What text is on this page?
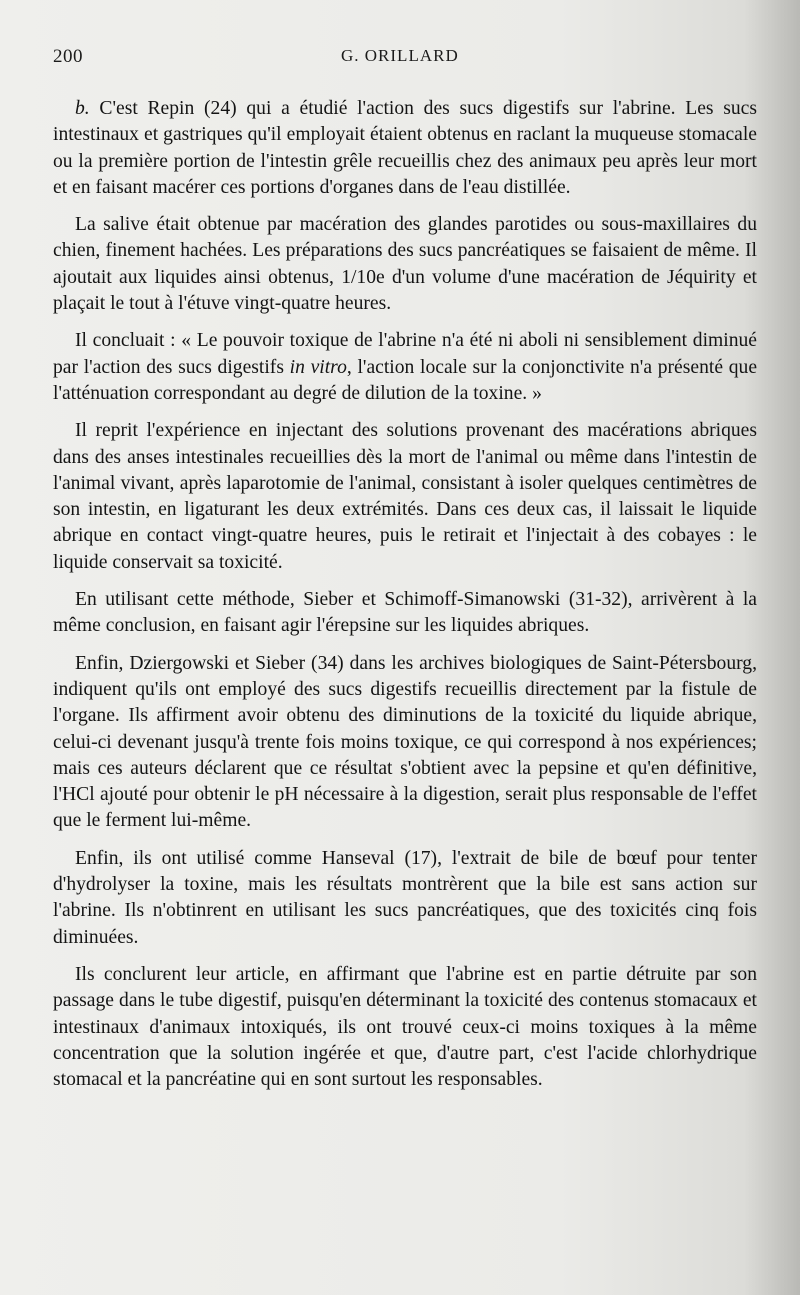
200	G. ORILLARD

b. C'est Repin (24) qui a étudié l'action des sucs digestifs sur l'abrine. Les sucs intestinaux et gastriques qu'il employait étaient obtenus en raclant la muqueuse stomacale ou la première portion de l'intestin grêle recueillis chez des animaux peu après leur mort et en faisant macérer ces portions d'organes dans de l'eau distillée.

La salive était obtenue par macération des glandes parotides ou sous-maxillaires du chien, finement hachées. Les préparations des sucs pancréatiques se faisaient de même. Il ajoutait aux liquides ainsi obtenus, 1/10e d'un volume d'une macération de Jéquirity et plaçait le tout à l'étuve vingt-quatre heures.

Il concluait : « Le pouvoir toxique de l'abrine n'a été ni aboli ni sensiblement diminué par l'action des sucs digestifs in vitro, l'action locale sur la conjonctivite n'a présenté que l'atténuation correspondant au degré de dilution de la toxine. »

Il reprit l'expérience en injectant des solutions provenant des macérations abriques dans des anses intestinales recueillies dès la mort de l'animal ou même dans l'intestin de l'animal vivant, après laparotomie de l'animal, consistant à isoler quelques centimètres de son intestin, en ligaturant les deux extrémités. Dans ces deux cas, il laissait le liquide abrique en contact vingt-quatre heures, puis le retirait et l'injectait à des cobayes : le liquide conservait sa toxicité.

En utilisant cette méthode, Sieber et Schimoff-Simanowski (31-32), arrivèrent à la même conclusion, en faisant agir l'érepsine sur les liquides abriques.

Enfin, Dziergowski et Sieber (34) dans les archives biologiques de Saint-Pétersbourg, indiquent qu'ils ont employé des sucs digestifs recueillis directement par la fistule de l'organe. Ils affirment avoir obtenu des diminutions de la toxicité du liquide abrique, celui-ci devenant jusqu'à trente fois moins toxique, ce qui correspond à nos expériences; mais ces auteurs déclarent que ce résultat s'obtient avec la pepsine et qu'en définitive, l'HCl ajouté pour obtenir le pH nécessaire à la digestion, serait plus responsable de l'effet que le ferment lui-même.

Enfin, ils ont utilisé comme Hanseval (17), l'extrait de bile de bœuf pour tenter d'hydrolyser la toxine, mais les résultats montrèrent que la bile est sans action sur l'abrine. Ils n'obtinrent en utilisant les sucs pancréatiques, que des toxicités cinq fois diminuées.

Ils conclurent leur article, en affirmant que l'abrine est en partie détruite par son passage dans le tube digestif, puisqu'en déterminant la toxicité des contenus stomacaux et intestinaux d'animaux intoxiqués, ils ont trouvé ceux-ci moins toxiques à la même concentration que la solution ingérée et que, d'autre part, c'est l'acide chlorhydrique stomacal et la pancréatine qui en sont surtout les responsables.
